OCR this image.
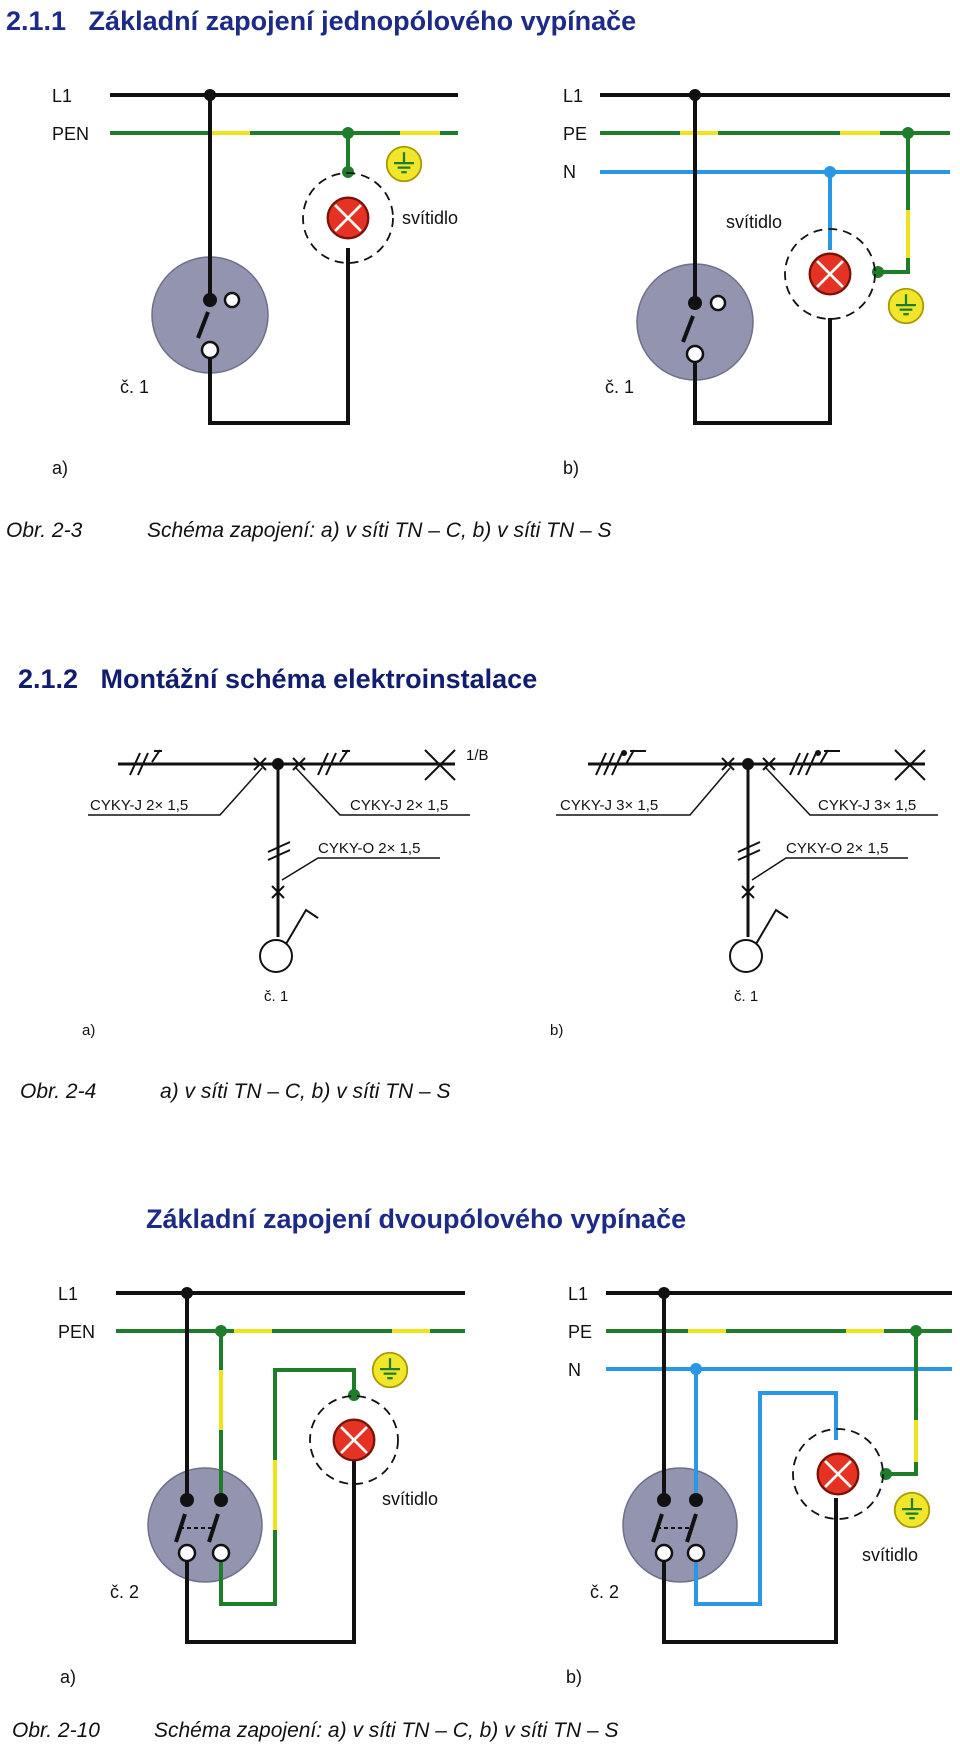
2.1.1   Základní zapojení jednopólového vypínače
L1
PEN
svítidlo
č. 1
a)
L1
PE
N
svítidlo
č. 1
b)
Obr. 2-3	Schéma zapojení: a) v síti TN – C, b) v síti TN – S
2.1.2   Montážní schéma elektroinstalace
CYKY-J 2× 1,5	CYKY-J 2× 1,5
CYKY-O 2× 1,5
1/B
č. 1
a)
CYKY-J 3× 1,5	CYKY-J 3× 1,5
CYKY-O 2× 1,5
č. 1
b)
Obr. 2-4	a) v síti TN – C, b) v síti TN – S
Základní zapojení dvoupólového vypínače
L1
PEN
svítidlo
č. 2
a)
L1
PE
N
svítidlo
č. 2
b)
Obr. 2-10	Schéma zapojení: a) v síti TN – C, b) v síti TN – S
